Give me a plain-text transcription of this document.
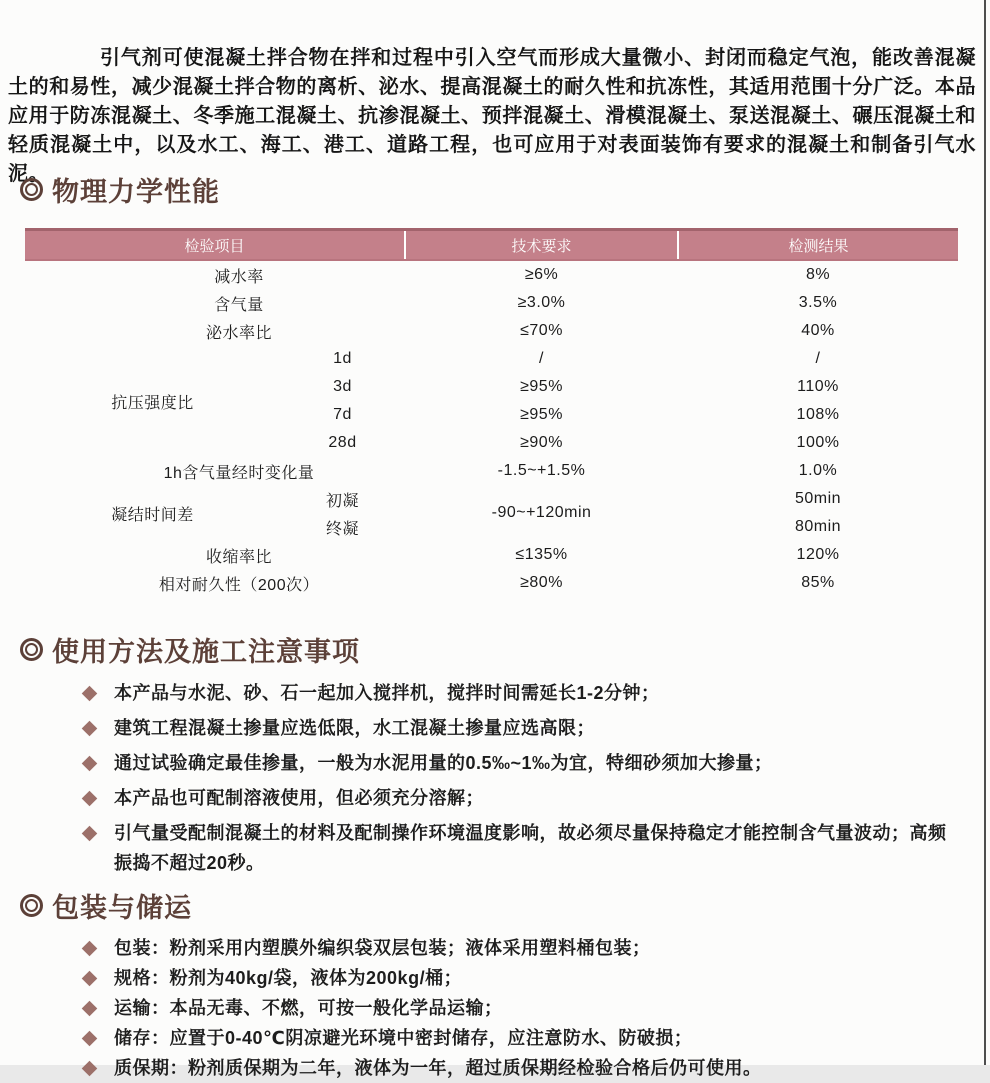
引气剂可使混凝土拌合物在拌和过程中引入空气而形成大量微小、封闭而稳定气泡，能改善混凝土的和易性，减少混凝土拌合物的离析、泌水、提高混凝土的耐久性和抗冻性，其适用范围十分广泛。本品应用于防冻混凝土、冬季施工混凝土、抗渗混凝土、预拌混凝土、滑模混凝土、泵送混凝土、碾压混凝土和轻质混凝土中，以及水工、海工、港工、道路工程，也可应用于对表面装饰有要求的混凝土和制备引气水泥。

物理力学性能
检验项目		技术要求	检测结果
减水率		≥6%	8%
含气量		≥3.0%	3.5%
泌水率比		≤70%	40%
抗压强度比	1d	/	/
	3d	≥95%	110%
	7d	≥95%	108%
	28d	≥90%	100%
1h含气量经时变化量		-1.5~+1.5%	1.0%
凝结时间差	初凝	-90~+120min	50min
	终凝		80min
收缩率比		≤135%	120%
相对耐久性（200次）		≥80%	85%
使用方法及施工注意事项
本产品与水泥、砂、石一起加入搅拌机，搅拌时间需延长1-2分钟；
建筑工程混凝土掺量应选低限，水工混凝土掺量应选高限；
通过试验确定最佳掺量，一般为水泥用量的0.5‰~1‰为宜，特细砂须加大掺量；
本产品也可配制溶液使用，但必须充分溶解；
引气量受配制混凝土的材料及配制操作环境温度影响，故必须尽量保持稳定才能控制含气量波动；高频振捣不超过20秒。
包装与储运
包装：粉剂采用内塑膜外编织袋双层包装；液体采用塑料桶包装；
规格：粉剂为40kg/袋，液体为200kg/桶；
运输：本品无毒、不燃，可按一般化学品运输；
储存：应置于0-40℃阴凉避光环境中密封储存，应注意防水、防破损；
质保期：粉剂质保期为二年，液体为一年，超过质保期经检验合格后仍可使用。
